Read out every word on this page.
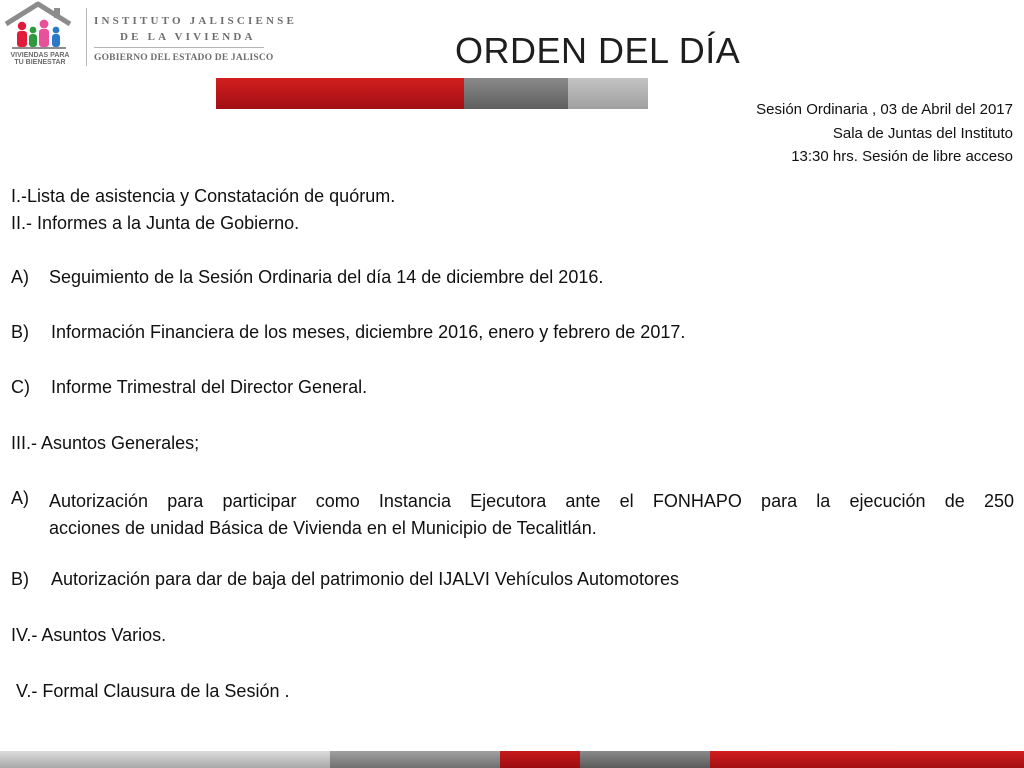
VIVIENDAS PARA
TU BIENESTAR
INSTITUTO JALISCIENSE
DE LA VIVIENDA
GOBIERNO DEL ESTADO DE JALISCO	ORDEN DEL DÍA
Sesión Ordinaria , 03 de Abril del 2017
Sala de Juntas del Instituto
13:30 hrs. Sesión de libre acceso
I.-Lista de asistencia y Constatación de quórum.
II.- Informes a la Junta de Gobierno.
A) Seguimiento de la Sesión Ordinaria del día 14 de diciembre del 2016.
B) Información Financiera de los meses, diciembre 2016, enero y febrero de 2017.
C) Informe Trimestral del Director General.
III.- Asuntos Generales;
A) Autorización para participar como Instancia Ejecutora ante el FONHAPO para la ejecución de 250
acciones de unidad Básica de Vivienda en el Municipio de Tecalitlán.
B) Autorización para dar de baja del patrimonio del IJALVI Vehículos Automotores
IV.- Asuntos Varios.
V.- Formal Clausura de la Sesión .
